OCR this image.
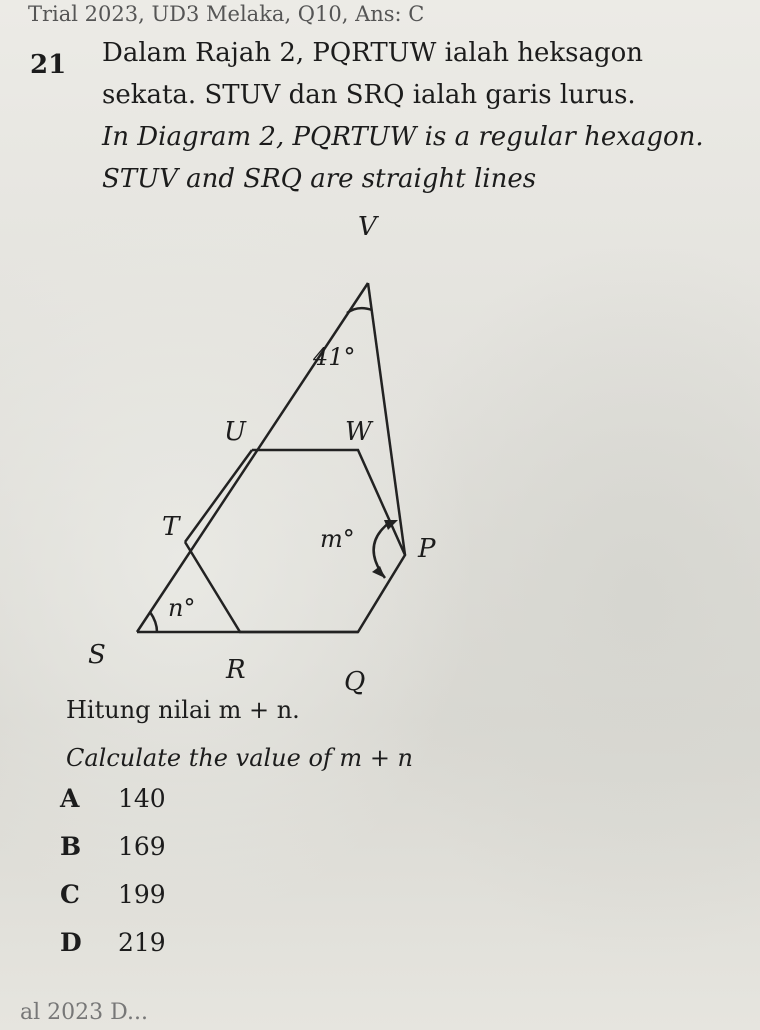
Trial 2023, UD3 Melaka, Q10, Ans: C
21 Dalam Rajah 2, PQRTUW ialah heksagon
sekata. STUV dan SRQ ialah garis lurus.
In Diagram 2, PQRTUW is a regular hexagon.
STUV and SRQ are straight lines
V
U	W
T
P
S	R	Q
41°
m°
n°
Hitung nilai m + n.
Calculate the value of m + n
A 140
B 169
C 199
D 219
al 2023 D...
